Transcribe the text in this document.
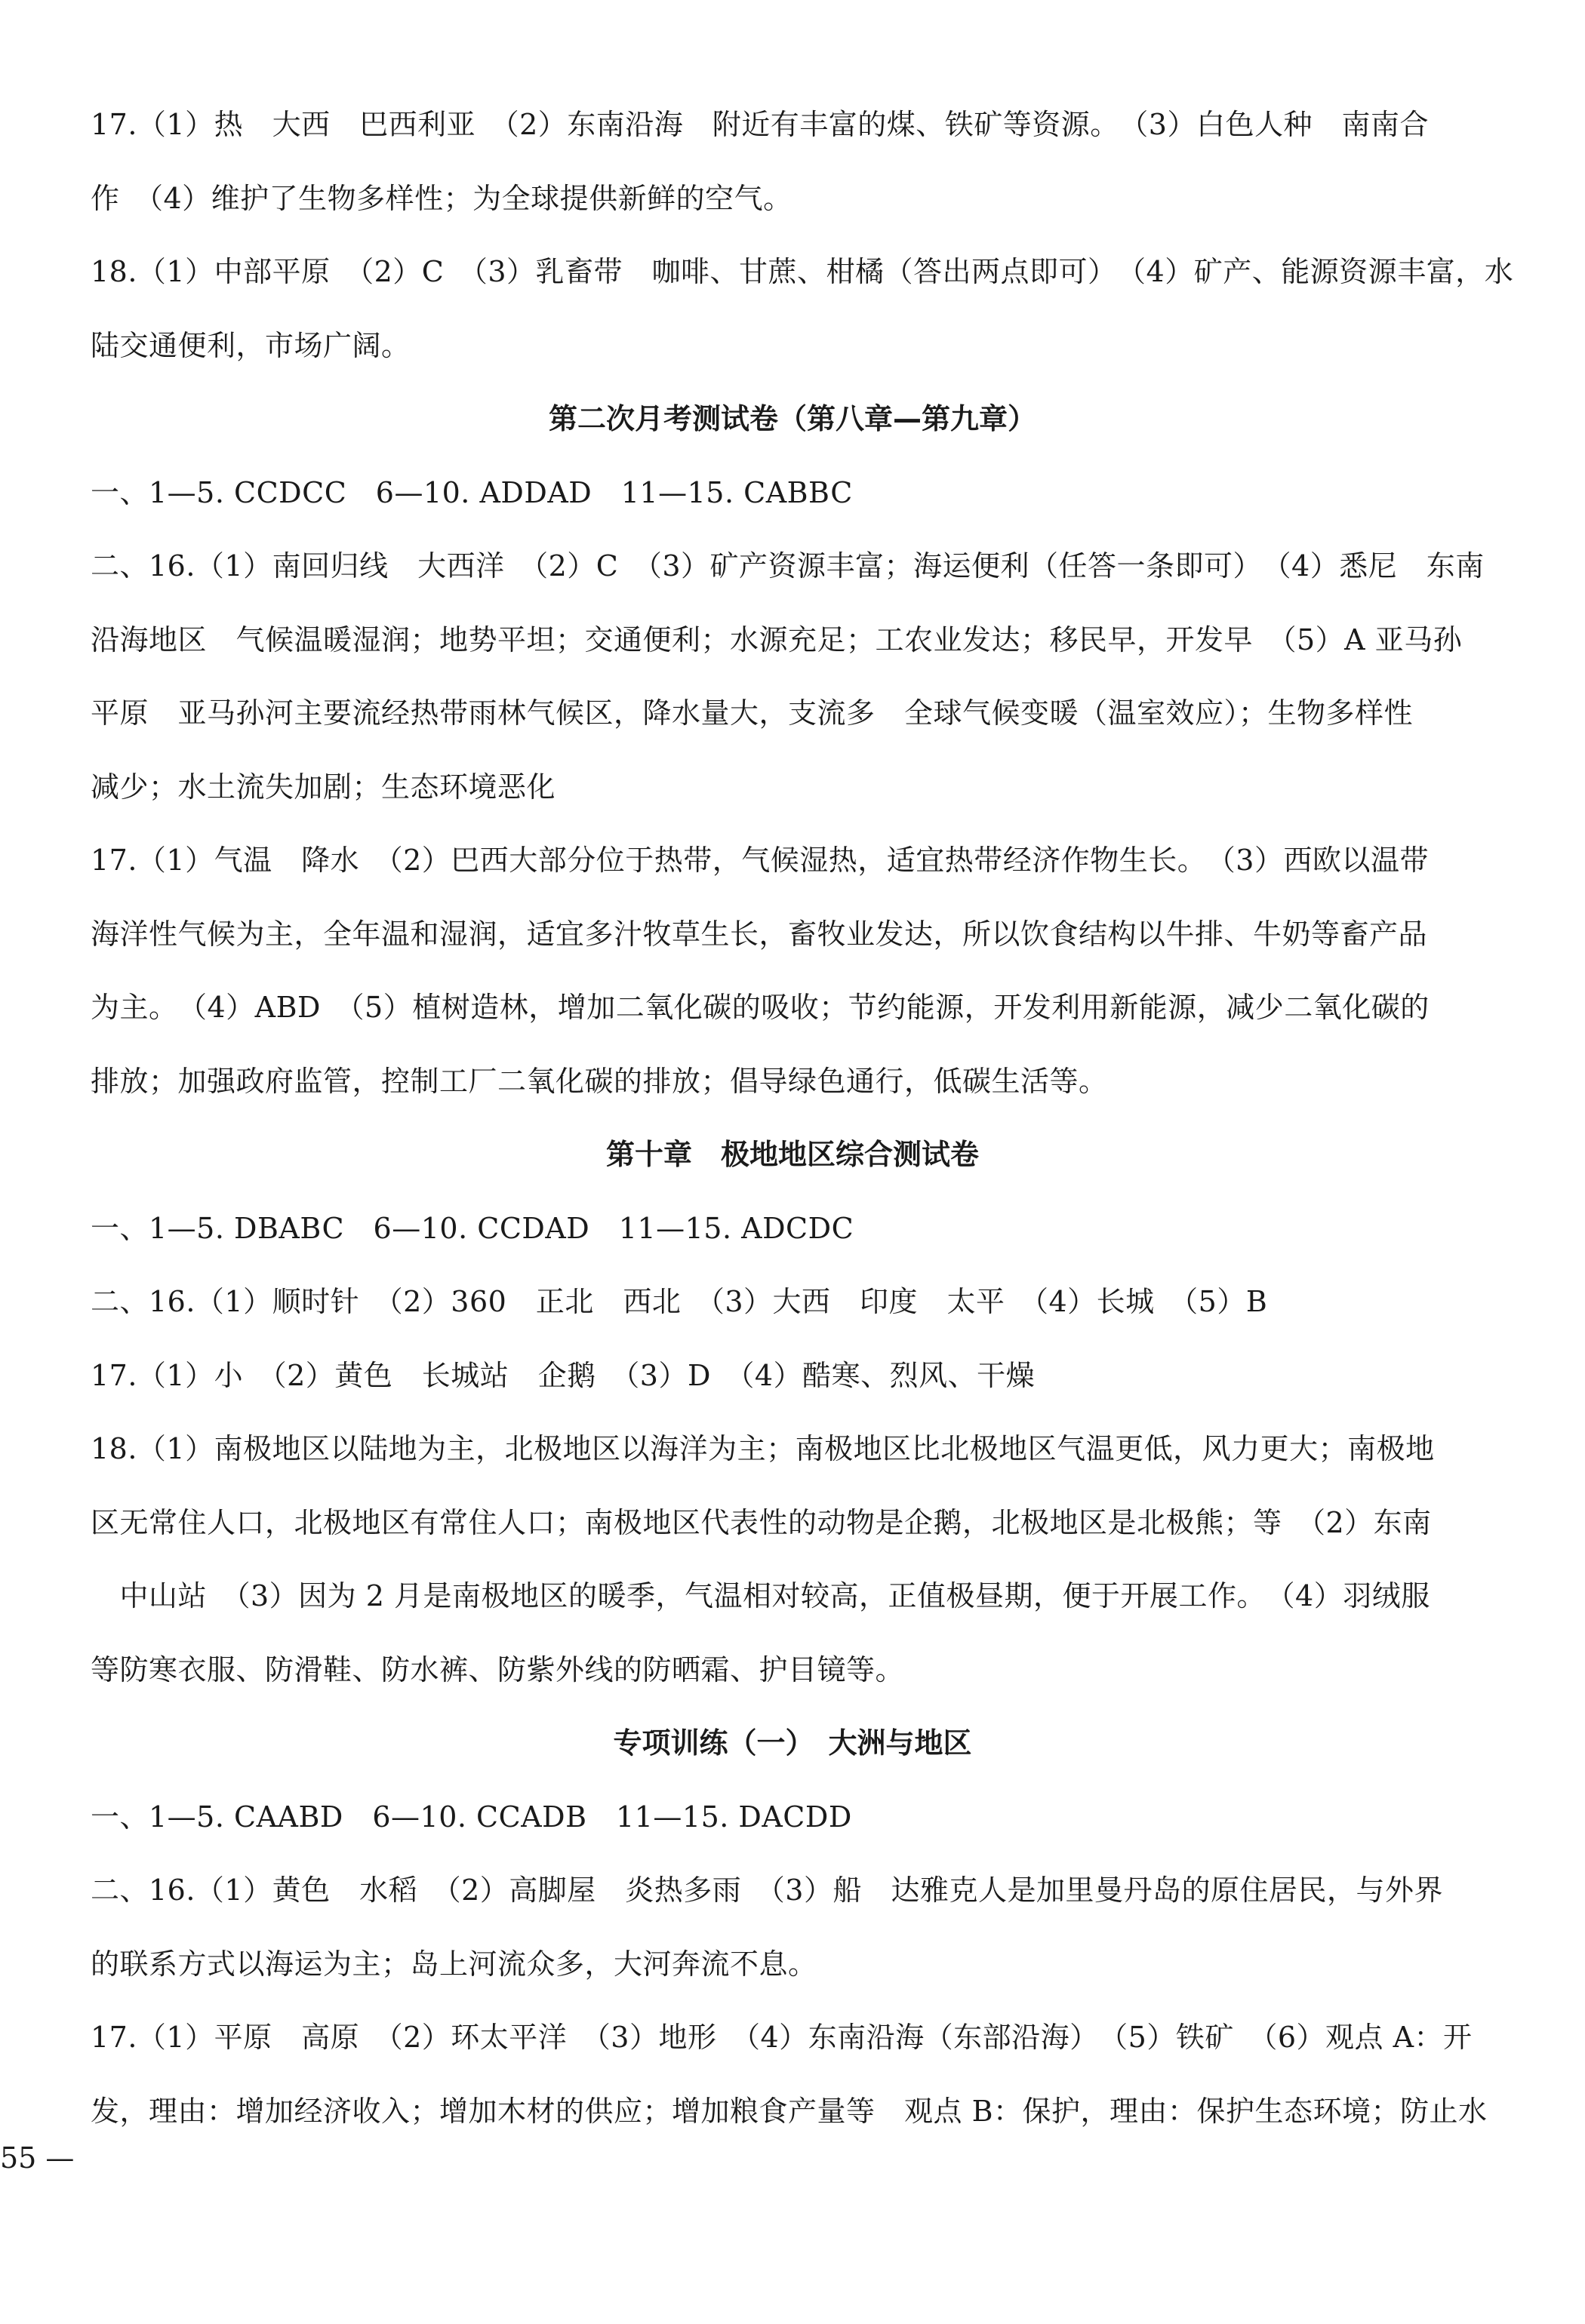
17.（1）热　大西　巴西利亚　（2）东南沿海　附近有丰富的煤、铁矿等资源。　（3）白色人种　南南合
作　（4）维护了生物多样性；为全球提供新鲜的空气。
18.（1）中部平原　（2）C　（3）乳畜带　咖啡、甘蔗、柑橘（答出两点即可）　（4）矿产、能源资源丰富，水
陆交通便利，市场广阔。
第二次月考测试卷（第八章—第九章）
一、1—5. CCDCC　6—10. ADDAD　11—15. CABBC
二、16.（1）南回归线　大西洋　（2）C　（3）矿产资源丰富；海运便利（任答一条即可）　（4）悉尼　东南
沿海地区　气候温暖湿润；地势平坦；交通便利；水源充足；工农业发达；移民早，开发早　（5）A 亚马孙
平原　亚马孙河主要流经热带雨林气候区，降水量大，支流多　全球气候变暖（温室效应）；生物多样性
减少；水土流失加剧；生态环境恶化
17.（1）气温　降水　（2）巴西大部分位于热带，气候湿热，适宜热带经济作物生长。　（3）西欧以温带
海洋性气候为主，全年温和湿润，适宜多汁牧草生长，畜牧业发达，所以饮食结构以牛排、牛奶等畜产品
为主。　（4）ABD　（5）植树造林，增加二氧化碳的吸收；节约能源，开发利用新能源，减少二氧化碳的
排放；加强政府监管，控制工厂二氧化碳的排放；倡导绿色通行，低碳生活等。
第十章　极地地区综合测试卷
一、1—5. DBABC　6—10. CCDAD　11—15. ADCDC
二、16.（1）顺时针　（2）360　正北　西北　（3）大西　印度　太平　（4）长城　（5）B
17.（1）小　（2）黄色　长城站　企鹅　（3）D　（4）酷寒、烈风、干燥
18.（1）南极地区以陆地为主，北极地区以海洋为主；南极地区比北极地区气温更低，风力更大；南极地
区无常住人口，北极地区有常住人口；南极地区代表性的动物是企鹅，北极地区是北极熊；等　（2）东南
　中山站　（3）因为 2 月是南极地区的暖季，气温相对较高，正值极昼期，便于开展工作。　（4）羽绒服
等防寒衣服、防滑鞋、防水裤、防紫外线的防晒霜、护目镜等。
专项训练（一）　大洲与地区
一、1—5. CAABD　6—10. CCADB　11—15. DACDD
二、16.（1）黄色　水稻　（2）高脚屋　炎热多雨　（3）船　达雅克人是加里曼丹岛的原住居民，与外界
的联系方式以海运为主；岛上河流众多，大河奔流不息。
17.（1）平原　高原　（2）环太平洋　（3）地形　（4）东南沿海（东部沿海）　（5）铁矿　（6）观点 A：开
发，理由：增加经济收入；增加木材的供应；增加粮食产量等　观点 B：保护，理由：保护生态环境；防止水
55 —
